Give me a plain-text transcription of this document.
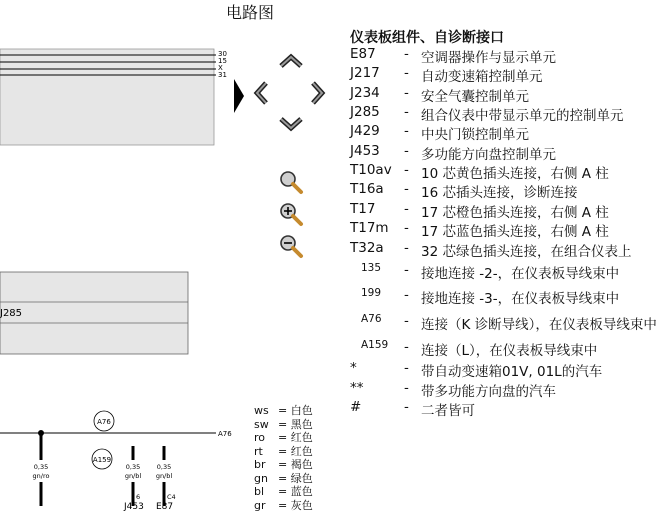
电路图
30
15
X
31
J285
A76
A76
A159
0,35
gn/ro
0,35
gn/bl
0,35
gn/bl
6	C4
J453 E87
ws = 白色
sw = 黑色
ro = 红色
rt = 红色
br = 褐色
gn = 绿色
bl = 蓝色
gr = 灰色
仪表板组件、自诊断接口
E87 - 空调器操作与显示单元
J217 - 自动变速箱控制单元
J234 - 安全气囊控制单元
J285 - 组合仪表中带显示单元的控制单元
J429 - 中央门锁控制单元
J453 - 多功能方向盘控制单元
T10av - 10 芯黄色插头连接，右侧 A 柱
T16a - 16 芯插头连接，诊断连接
T17 - 17 芯橙色插头连接，右侧 A 柱
T17m - 17 芯蓝色插头连接，右侧 A 柱
T32a - 32 芯绿色插头连接，在组合仪表上
135 - 接地连接 -2-，在仪表板导线束中
199 - 接地连接 -3-，在仪表板导线束中
A76 - 连接（K 诊断导线），在仪表板导线束中
A159 - 连接（L），在仪表板导线束中
*	- 带自动变速箱01V, 01L的汽车
**	- 带多功能方向盘的汽车
#	- 二者皆可
